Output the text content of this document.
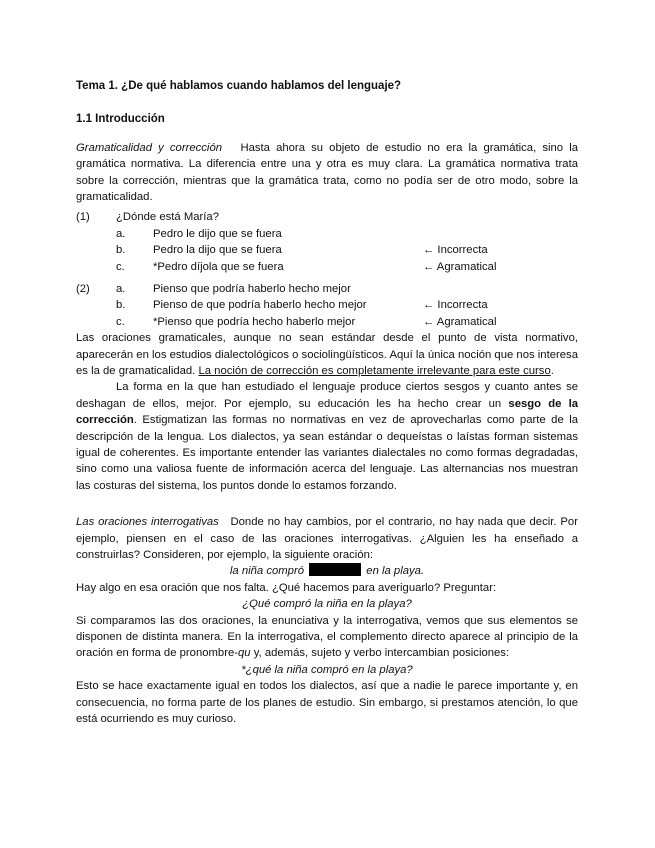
Tema 1. ¿De qué hablamos cuando hablamos del lenguaje?
1.1 Introducción

Gramaticalidad y corrección Hasta ahora su objeto de estudio no era la gramática, sino la gramática normativa. La diferencia entre una y otra es muy clara. La gramática normativa trata sobre la corrección, mientras que la gramática trata, como no podía ser de otro modo, sobre la gramaticalidad.

(1) ¿Dónde está María?
a. Pedro le dijo que se fuera
b. Pedro la dijo que se fuera	← Incorrecta
c. *Pedro díjola que se fuera	← Agramatical
(2) a. Pienso que podría haberlo hecho mejor
b. Pienso de que podría haberlo hecho mejor	← Incorrecta
c. *Pienso que podría hecho haberlo mejor	← Agramatical

Las oraciones gramaticales, aunque no sean estándar desde el punto de vista normativo, aparecerán en los estudios dialectológicos o sociolingüísticos. Aquí la única noción que nos interesa es la de gramaticalidad. La noción de corrección es completamente irrelevante para este curso.

La forma en la que han estudiado el lenguaje produce ciertos sesgos y cuanto antes se deshagan de ellos, mejor. Por ejemplo, su educación les ha hecho crear un sesgo de la corrección. Estigmatizan las formas no normativas en vez de aprovecharlas como parte de la descripción de la lengua. Los dialectos, ya sean estándar o dequeístas o laístas forman sistemas igual de coherentes. Es importante entender las variantes dialectales no como formas degradadas, sino como una valiosa fuente de información acerca del lenguaje. Las alternancias nos muestran las costuras del sistema, los puntos donde lo estamos forzando.

Las oraciones interrogativas Donde no hay cambios, por el contrario, no hay nada que decir. Por ejemplo, piensen en el caso de las oraciones interrogativas. ¿Alguien les ha enseñado a construirlas? Consideren, por ejemplo, la siguiente oración:

la niña compró	en la playa.

Hay algo en esa oración que nos falta. ¿Qué hacemos para averiguarlo? Preguntar:

¿Qué compró la niña en la playa?

Si comparamos las dos oraciones, la enunciativa y la interrogativa, vemos que sus elementos se disponen de distinta manera. En la interrogativa, el complemento directo aparece al principio de la oración en forma de pronombre-qu y, además, sujeto y verbo intercambian posiciones:

*¿qué la niña compró en la playa?

Esto se hace exactamente igual en todos los dialectos, así que a nadie le parece importante y, en consecuencia, no forma parte de los planes de estudio. Sin embargo, si prestamos atención, lo que está ocurriendo es muy curioso.
